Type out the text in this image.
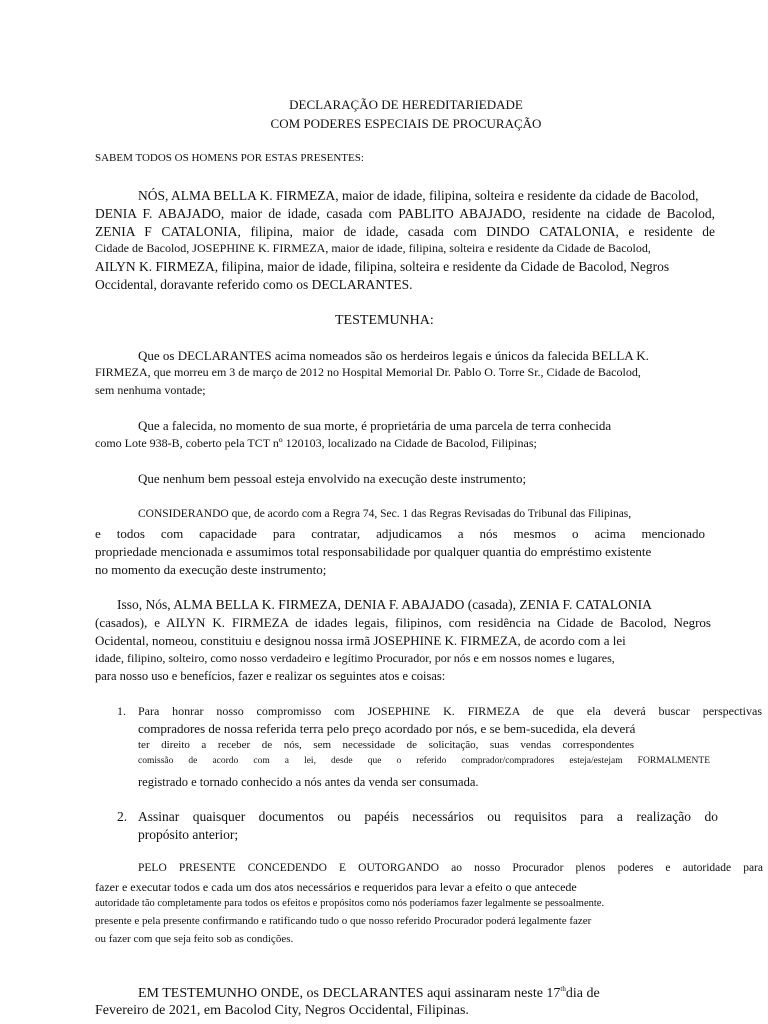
DECLARAÇÃO DE HEREDITARIEDADE
COM PODERES ESPECIAIS DE PROCURAÇÃO
SABEM TODOS OS HOMENS POR ESTAS PRESENTES:
NÓS, ALMA BELLA K. FIRMEZA, maior de idade, filipina, solteira e residente da cidade de Bacolod,
DENIA F. ABAJADO, maior de idade, casada com PABLITO ABAJADO, residente na cidade de Bacolod,
ZENIA F CATALONIA, filipina, maior de idade, casada com DINDO CATALONIA, e residente de
Cidade de Bacolod, JOSEPHINE K. FIRMEZA, maior de idade, filipina, solteira e residente da Cidade de Bacolod,
AILYN K. FIRMEZA, filipina, maior de idade, filipina, solteira e residente da Cidade de Bacolod, Negros
Occidental, doravante referido como os DECLARANTES.
TESTEMUNHA:
Que os DECLARANTES acima nomeados são os herdeiros legais e únicos da falecida BELLA K.
FIRMEZA, que morreu em 3 de março de 2012 no Hospital Memorial Dr. Pablo O. Torre Sr., Cidade de Bacolod,
sem nenhuma vontade;
Que a falecida, no momento de sua morte, é proprietária de uma parcela de terra conhecida
como Lote 938-B, coberto pela TCT nº 120103, localizado na Cidade de Bacolod, Filipinas;
Que nenhum bem pessoal esteja envolvido na execução deste instrumento;
CONSIDERANDO que, de acordo com a Regra 74, Sec. 1 das Regras Revisadas do Tribunal das Filipinas,
e todos com capacidade para contratar, adjudicamos a nós mesmos o acima mencionado
propriedade mencionada e assumimos total responsabilidade por qualquer quantia do empréstimo existente
no momento da execução deste instrumento;
Isso, Nós, ALMA BELLA K. FIRMEZA, DENIA F. ABAJADO (casada), ZENIA F. CATALONIA
(casados), e AILYN K. FIRMEZA de idades legais, filipinos, com residência na Cidade de Bacolod, Negros
Ocidental, nomeou, constituiu e designou nossa irmã JOSEPHINE K. FIRMEZA, de acordo com a lei
idade, filipino, solteiro, como nosso verdadeiro e legítimo Procurador, por nós e em nossos nomes e lugares,
para nosso uso e benefícios, fazer e realizar os seguintes atos e coisas:
1. Para honrar nosso compromisso com JOSEPHINE K. FIRMEZA de que ela deverá buscar perspectivas
compradores de nossa referida terra pelo preço acordado por nós, e se bem-sucedida, ela deverá
ter direito a receber de nós, sem necessidade de solicitação, suas vendas correspondentes
comissão de acordo com a lei, desde que o referido comprador/compradores esteja/estejam FORMALMENTE
registrado e tornado conhecido a nós antes da venda ser consumada.
2. Assinar quaisquer documentos ou papéis necessários ou requisitos para a realização do
propósito anterior;
PELO PRESENTE CONCEDENDO E OUTORGANDO ao nosso Procurador plenos poderes e autoridade para
fazer e executar todos e cada um dos atos necessários e requeridos para levar a efeito o que antecede
autoridade tão completamente para todos os efeitos e propósitos como nós poderíamos fazer legalmente se pessoalmente.
presente e pela presente confirmando e ratificando tudo o que nosso referido Procurador poderá legalmente fazer
ou fazer com que seja feito sob as condições.
EM TESTEMUNHO ONDE, os DECLARANTES aqui assinaram neste 17thdia de
Fevereiro de 2021, em Bacolod City, Negros Occidental, Filipinas.
